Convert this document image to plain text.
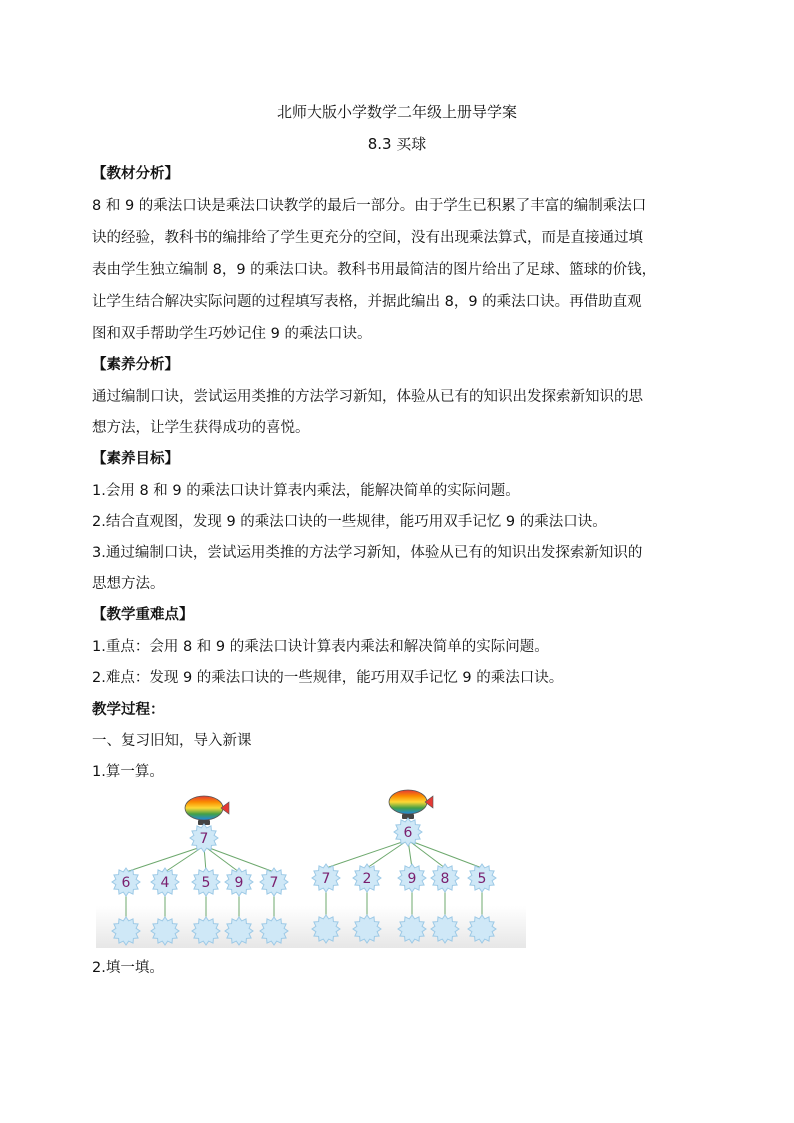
北师大版小学数学二年级上册导学案
8.3 买球
【教材分析】
8 和 9 的乘法口诀是乘法口诀教学的最后一部分。由于学生已积累了丰富的编制乘法口
诀的经验，教科书的编排给了学生更充分的空间，没有出现乘法算式，而是直接通过填
表由学生独立编制 8，9 的乘法口诀。教科书用最简洁的图片给出了足球、篮球的价钱，
让学生结合解决实际问题的过程填写表格，并据此编出 8，9 的乘法口诀。再借助直观
图和双手帮助学生巧妙记住 9 的乘法口诀。
【素养分析】
通过编制口诀，尝试运用类推的方法学习新知，体验从已有的知识出发探索新知识的思
想方法，让学生获得成功的喜悦。
【素养目标】
1.会用 8 和 9 的乘法口诀计算表内乘法，能解决简单的实际问题。
2.结合直观图，发现 9 的乘法口诀的一些规律，能巧用双手记忆 9 的乘法口诀。
3.通过编制口诀，尝试运用类推的方法学习新知，体验从已有的知识出发探索新知识的
思想方法。
【教学重难点】
1.重点：会用 8 和 9 的乘法口诀计算表内乘法和解决简单的实际问题。
2.难点：发现 9 的乘法口诀的一些规律，能巧用双手记忆 9 的乘法口诀。
教学过程：
一、复习旧知，导入新课
1.算一算。
7
6 4 5 9 7
6
7 2	9 8 5
2.填一填。
